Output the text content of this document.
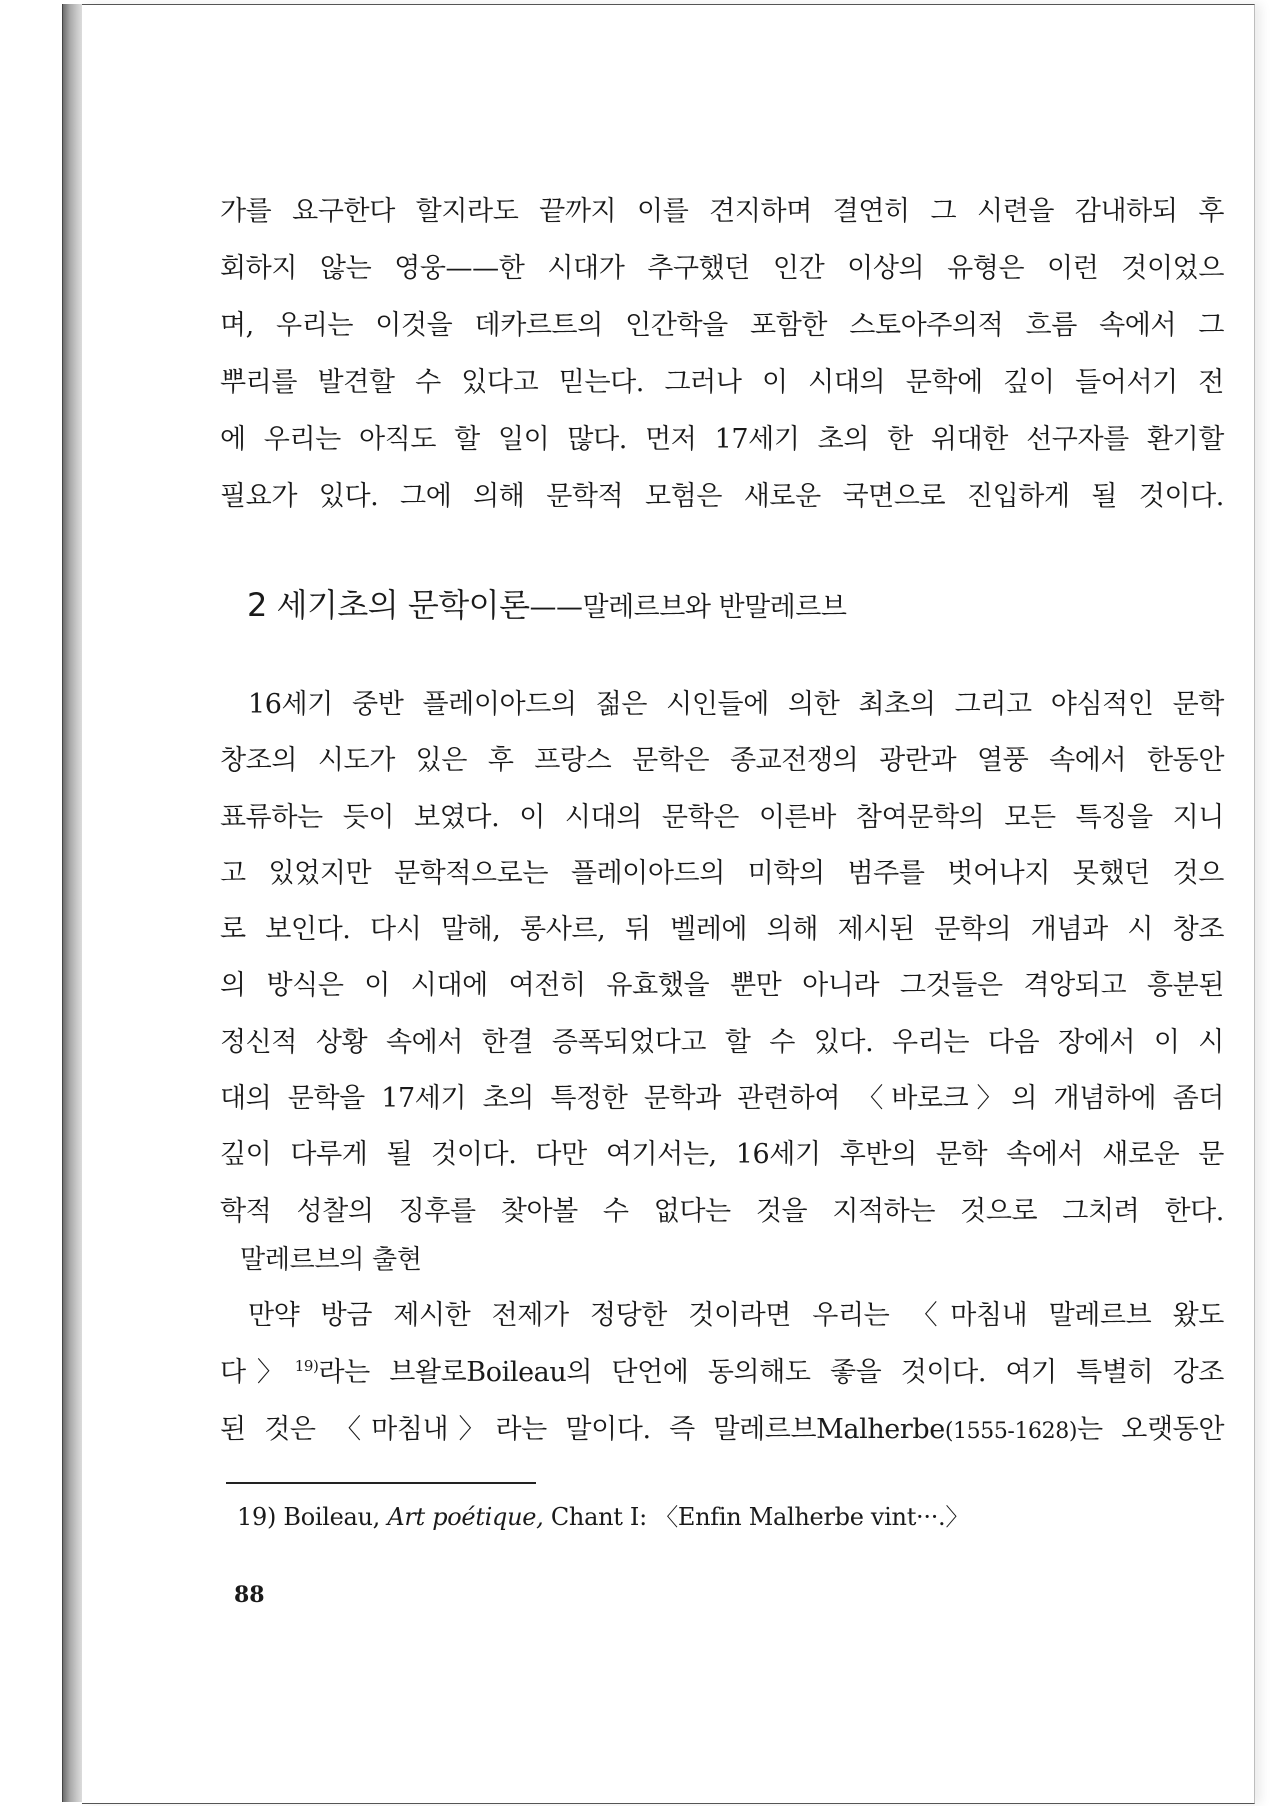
가를 요구한다 할지라도 끝까지 이를 견지하며 결연히 그 시련을 감내하되 후
회하지 않는 영웅——한 시대가 추구했던 인간 이상의 유형은 이런 것이었으
며, 우리는 이것을 데카르트의 인간학을 포함한 스토아주의적 흐름 속에서 그
뿌리를 발견할 수 있다고 믿는다. 그러나 이 시대의 문학에 깊이 들어서기 전
에 우리는 아직도 할 일이 많다. 먼저 17세기 초의 한 위대한 선구자를 환기할
필요가 있다. 그에 의해 문학적 모험은 새로운 국면으로 진입하게 될 것이다.
2 세기초의 문학이론——말레르브와 반말레르브
16세기 중반 플레이아드의 젊은 시인들에 의한 최초의 그리고 야심적인 문학
창조의 시도가 있은 후 프랑스 문학은 종교전쟁의 광란과 열풍 속에서 한동안
표류하는 듯이 보였다. 이 시대의 문학은 이른바 참여문학의 모든 특징을 지니
고 있었지만 문학적으로는 플레이아드의 미학의 범주를 벗어나지 못했던 것으
로 보인다. 다시 말해, 롱사르, 뒤 벨레에 의해 제시된 문학의 개념과 시 창조
의 방식은 이 시대에 여전히 유효했을 뿐만 아니라 그것들은 격앙되고 흥분된
정신적 상황 속에서 한결 증폭되었다고 할 수 있다. 우리는 다음 장에서 이 시
대의 문학을 17세기 초의 특정한 문학과 관련하여 〈바로크〉의 개념하에 좀더
깊이 다루게 될 것이다. 다만 여기서는, 16세기 후반의 문학 속에서 새로운 문
학적 성찰의 징후를 찾아볼 수 없다는 것을 지적하는 것으로 그치려 한다.
말레르브의 출현
만약 방금 제시한 전제가 정당한 것이라면 우리는 〈마침내 말레르브 왔도
다〉$^{19)}$라는 브왈로Boileau의 단언에 동의해도 좋을 것이다. 여기 특별히 강조
된 것은 〈마침내〉라는 말이다. 즉 말레르브Malherbe(1555-1628)는 오랫동안
19) Boileau, Art poétique, Chant I: 〈Enfin Malherbe vint···.〉
88
